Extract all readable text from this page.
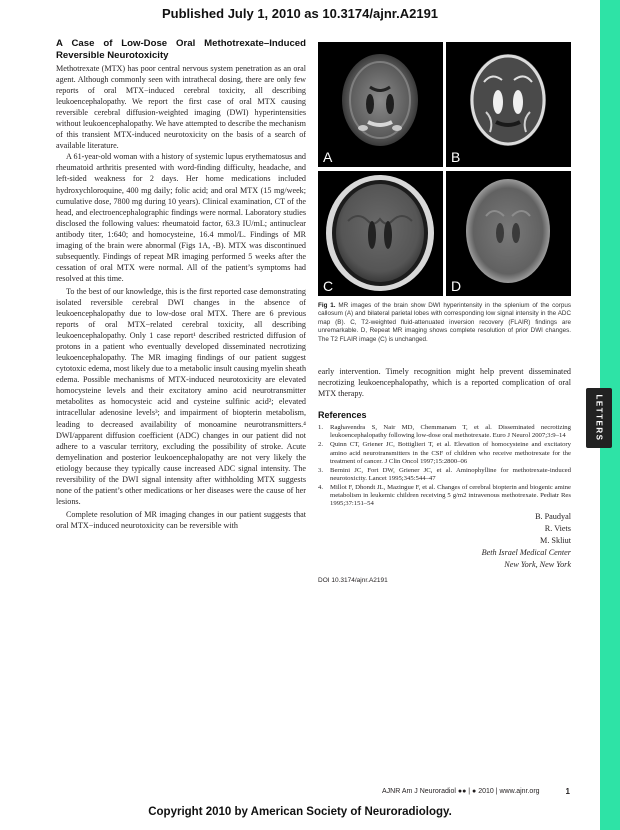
LETTERS
Published July 1, 2010 as 10.3174/ajnr.A2191
A Case of Low-Dose Oral Methotrexate–Induced Reversible Neurotoxicity

Methotrexate (MTX) has poor central nervous system penetration as an oral agent. Although commonly seen with intrathecal dosing, there are only few reports of oral MTX−induced cerebral toxicity, all describing leukoencephalopathy. We report the first case of oral MTX causing reversible cerebral diffusion-weighted imaging (DWI) hyperintensities without leukoencephalopathy. We have attempted to describe the mechanism of this transient MTX-induced neurotoxicity on the basis of a search of available literature.

A 61-year-old woman with a history of systemic lupus erythematosus and rheumatoid arthritis presented with word-finding difficulty, headache, and left-sided weakness for 2 days. Her home medications included hydroxychloroquine, 400 mg daily; folic acid; and oral MTX (15 mg/week; cumulative dose, 7800 mg during 10 years). Clinical examination, CT of the head, and electroencephalographic findings were normal. Laboratory studies disclosed the following values: rheumatoid factor, 63.3 IU/mL; antinuclear antibody titer, 1:640; and homocysteine, 16.4 mmol/L. Findings of MR imaging of the brain were abnormal (Figs 1A, -B). MTX was discontinued subsequently. Findings of repeat MR imaging performed 5 weeks after the cessation of oral MTX were normal. All of the patient’s symptoms had resolved at this time.

To the best of our knowledge, this is the first reported case demonstrating isolated reversible cerebral DWI changes in the absence of leukoencephalopathy due to low-dose oral MTX. There are 6 previous reports of oral MTX−related cerebral toxicity, all describing leukoencephalopathy. Only 1 case report¹ described restricted diffusion of protons in a patient who eventually developed disseminated necrotizing leukoencephalopathy. The MR imaging findings of our patient suggest cytotoxic edema, most likely due to a metabolic insult causing myelin sheath edema. Possible mechanisms of MTX-induced neurotoxicity are elevated homocysteine levels and their excitatory amino acid neurotransmitter metabolites as homocysteic acid and cysteine sulfinic acid²; elevated intracellular adenosine levels³; and impairment of biopterin metabolism, leading to decreased availability of monoamine neurotransmitters.⁴ DWI/apparent diffusion coefficient (ADC) changes in our patient did not adhere to a vascular territory, excluding the possibility of stroke. Acute demyelination and posterior leukoencephalopathy are not very likely the etiology because they typically cause increased ADC signal intensity. The reversibility of the DWI signal intensity after withholding MTX suggests none of the patient’s other medications or her diseases were the cause of her lesions.

Complete resolution of MR imaging changes in our patient suggests that oral MTX−induced neurotoxicity can be reversible with

A	B
C	D
Fig 1. MR images of the brain show DWI hyperintensity in the splenium of the corpus callosum (A) and bilateral parietal lobes with corresponding low signal intensity in the ADC map (B). C, T2-weighted fluid-attenuated inversion recovery (FLAIR) findings are unremarkable. D, Repeat MR imaging shows complete resolution of prior DWI changes. The T2 FLAIR image (C) is unchanged.
early intervention. Timely recognition might help prevent disseminated necrotizing leukoencephalopathy, which is a reported complication of oral MTX therapy.
References
1. Raghavendra S, Nair MD, Chemmanam T, et al. Disseminated necrotizing leukoencephalopathy following low-dose oral methotrexate. Euro J Neurol 2007;3:9–14
2. Quinn CT, Griener JC, Bottiglieri T, et al. Elevation of homocysteine and excitatory amino acid neurotransmitters in the CSF of children who receive methotrexate for the treatment of cancer. J Clin Oncol 1997;15:2800–06
3. Bernini JC, Fort DW, Griener JC, et al. Aminophylline for methotrexate-induced neurotoxicity. Lancet 1995;345:544–47
4. Millot F, Dhondt JL, Mazingue F, et al. Changes of cerebral biopterin and biogenic amine metabolism in leukemic children receiving 5 g/m2 intravenous methotrexate. Pediatr Res 1995;37:151–54
B. Paudyal
R. Viets
M. Skliut
Beth Israel Medical Center
New York, New York
DOI 10.3174/ajnr.A2191
AJNR Am J Neuroradiol ●● | ● 2010 | www.ajnr.org	1
Copyright 2010 by American Society of Neuroradiology.
